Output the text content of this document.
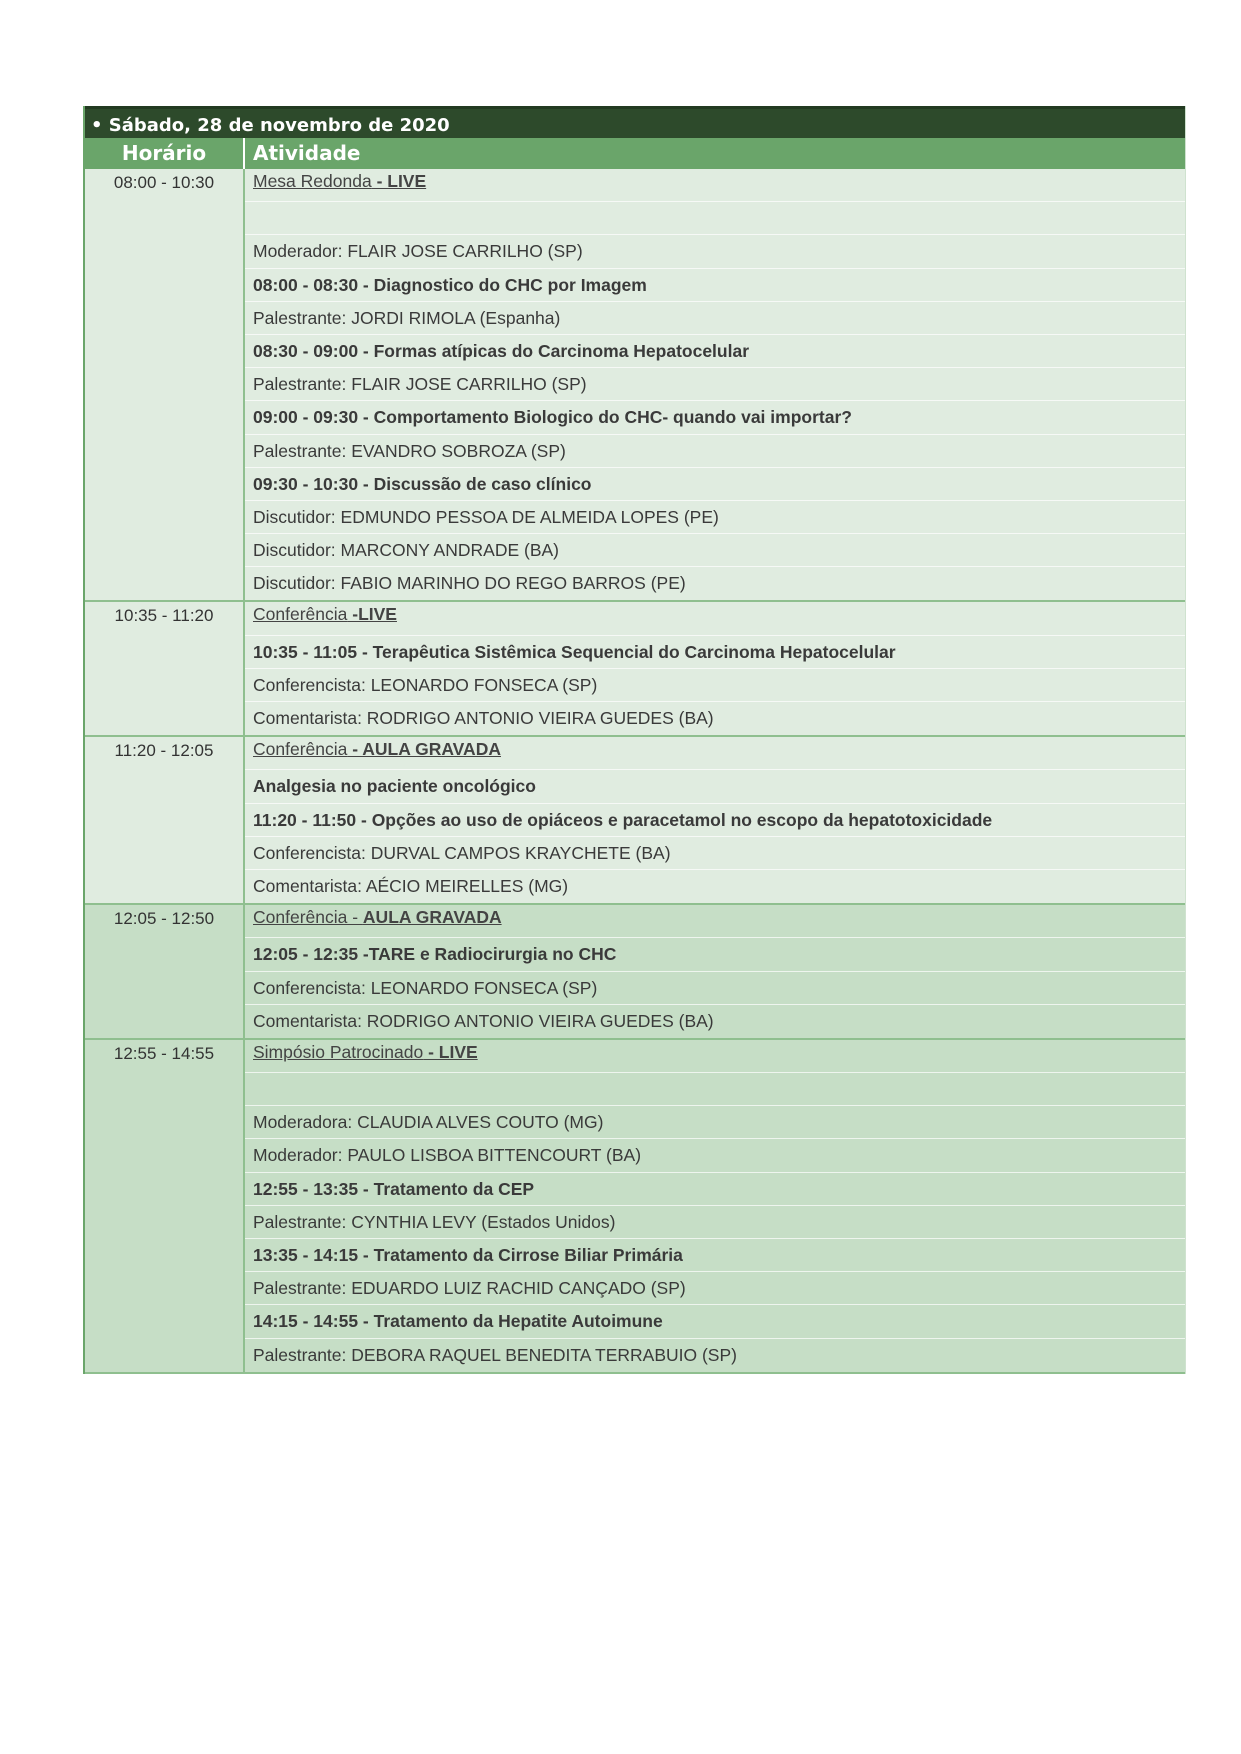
• Sábado, 28 de novembro de 2020
Horário	Atividade
08:00 - 10:30	Mesa Redonda - LIVE
Moderador: FLAIR JOSE CARRILHO (SP)
08:00 - 08:30 - Diagnostico do CHC por Imagem
Palestrante: JORDI RIMOLA (Espanha)
08:30 - 09:00 - Formas atípicas do Carcinoma Hepatocelular
Palestrante: FLAIR JOSE CARRILHO (SP)
09:00 - 09:30 - Comportamento Biologico do CHC- quando vai importar?
Palestrante: EVANDRO SOBROZA (SP)
09:30 - 10:30 - Discussão de caso clínico
Discutidor: EDMUNDO PESSOA DE ALMEIDA LOPES (PE)
Discutidor: MARCONY ANDRADE (BA)
Discutidor: FABIO MARINHO DO REGO BARROS (PE)
10:35 - 11:20	Conferência -LIVE
10:35 - 11:05 - Terapêutica Sistêmica Sequencial do Carcinoma Hepatocelular
Conferencista: LEONARDO FONSECA (SP)
Comentarista: RODRIGO ANTONIO VIEIRA GUEDES (BA)
11:20 - 12:05	Conferência - AULA GRAVADA
Analgesia no paciente oncológico
11:20 - 11:50 - Opções ao uso de opiáceos e paracetamol no escopo da hepatotoxicidade
Conferencista: DURVAL CAMPOS KRAYCHETE (BA)
Comentarista: AÉCIO MEIRELLES (MG)
12:05 - 12:50	Conferência - AULA GRAVADA
12:05 - 12:35 -TARE e Radiocirurgia no CHC
Conferencista: LEONARDO FONSECA (SP)
Comentarista: RODRIGO ANTONIO VIEIRA GUEDES (BA)
12:55 - 14:55	Simpósio Patrocinado - LIVE
Moderadora: CLAUDIA ALVES COUTO (MG)
Moderador: PAULO LISBOA BITTENCOURT (BA)
12:55 - 13:35 - Tratamento da CEP
Palestrante: CYNTHIA LEVY (Estados Unidos)
13:35 - 14:15 - Tratamento da Cirrose Biliar Primária
Palestrante: EDUARDO LUIZ RACHID CANÇADO (SP)
14:15 - 14:55 - Tratamento da Hepatite Autoimune
Palestrante: DEBORA RAQUEL BENEDITA TERRABUIO (SP)
